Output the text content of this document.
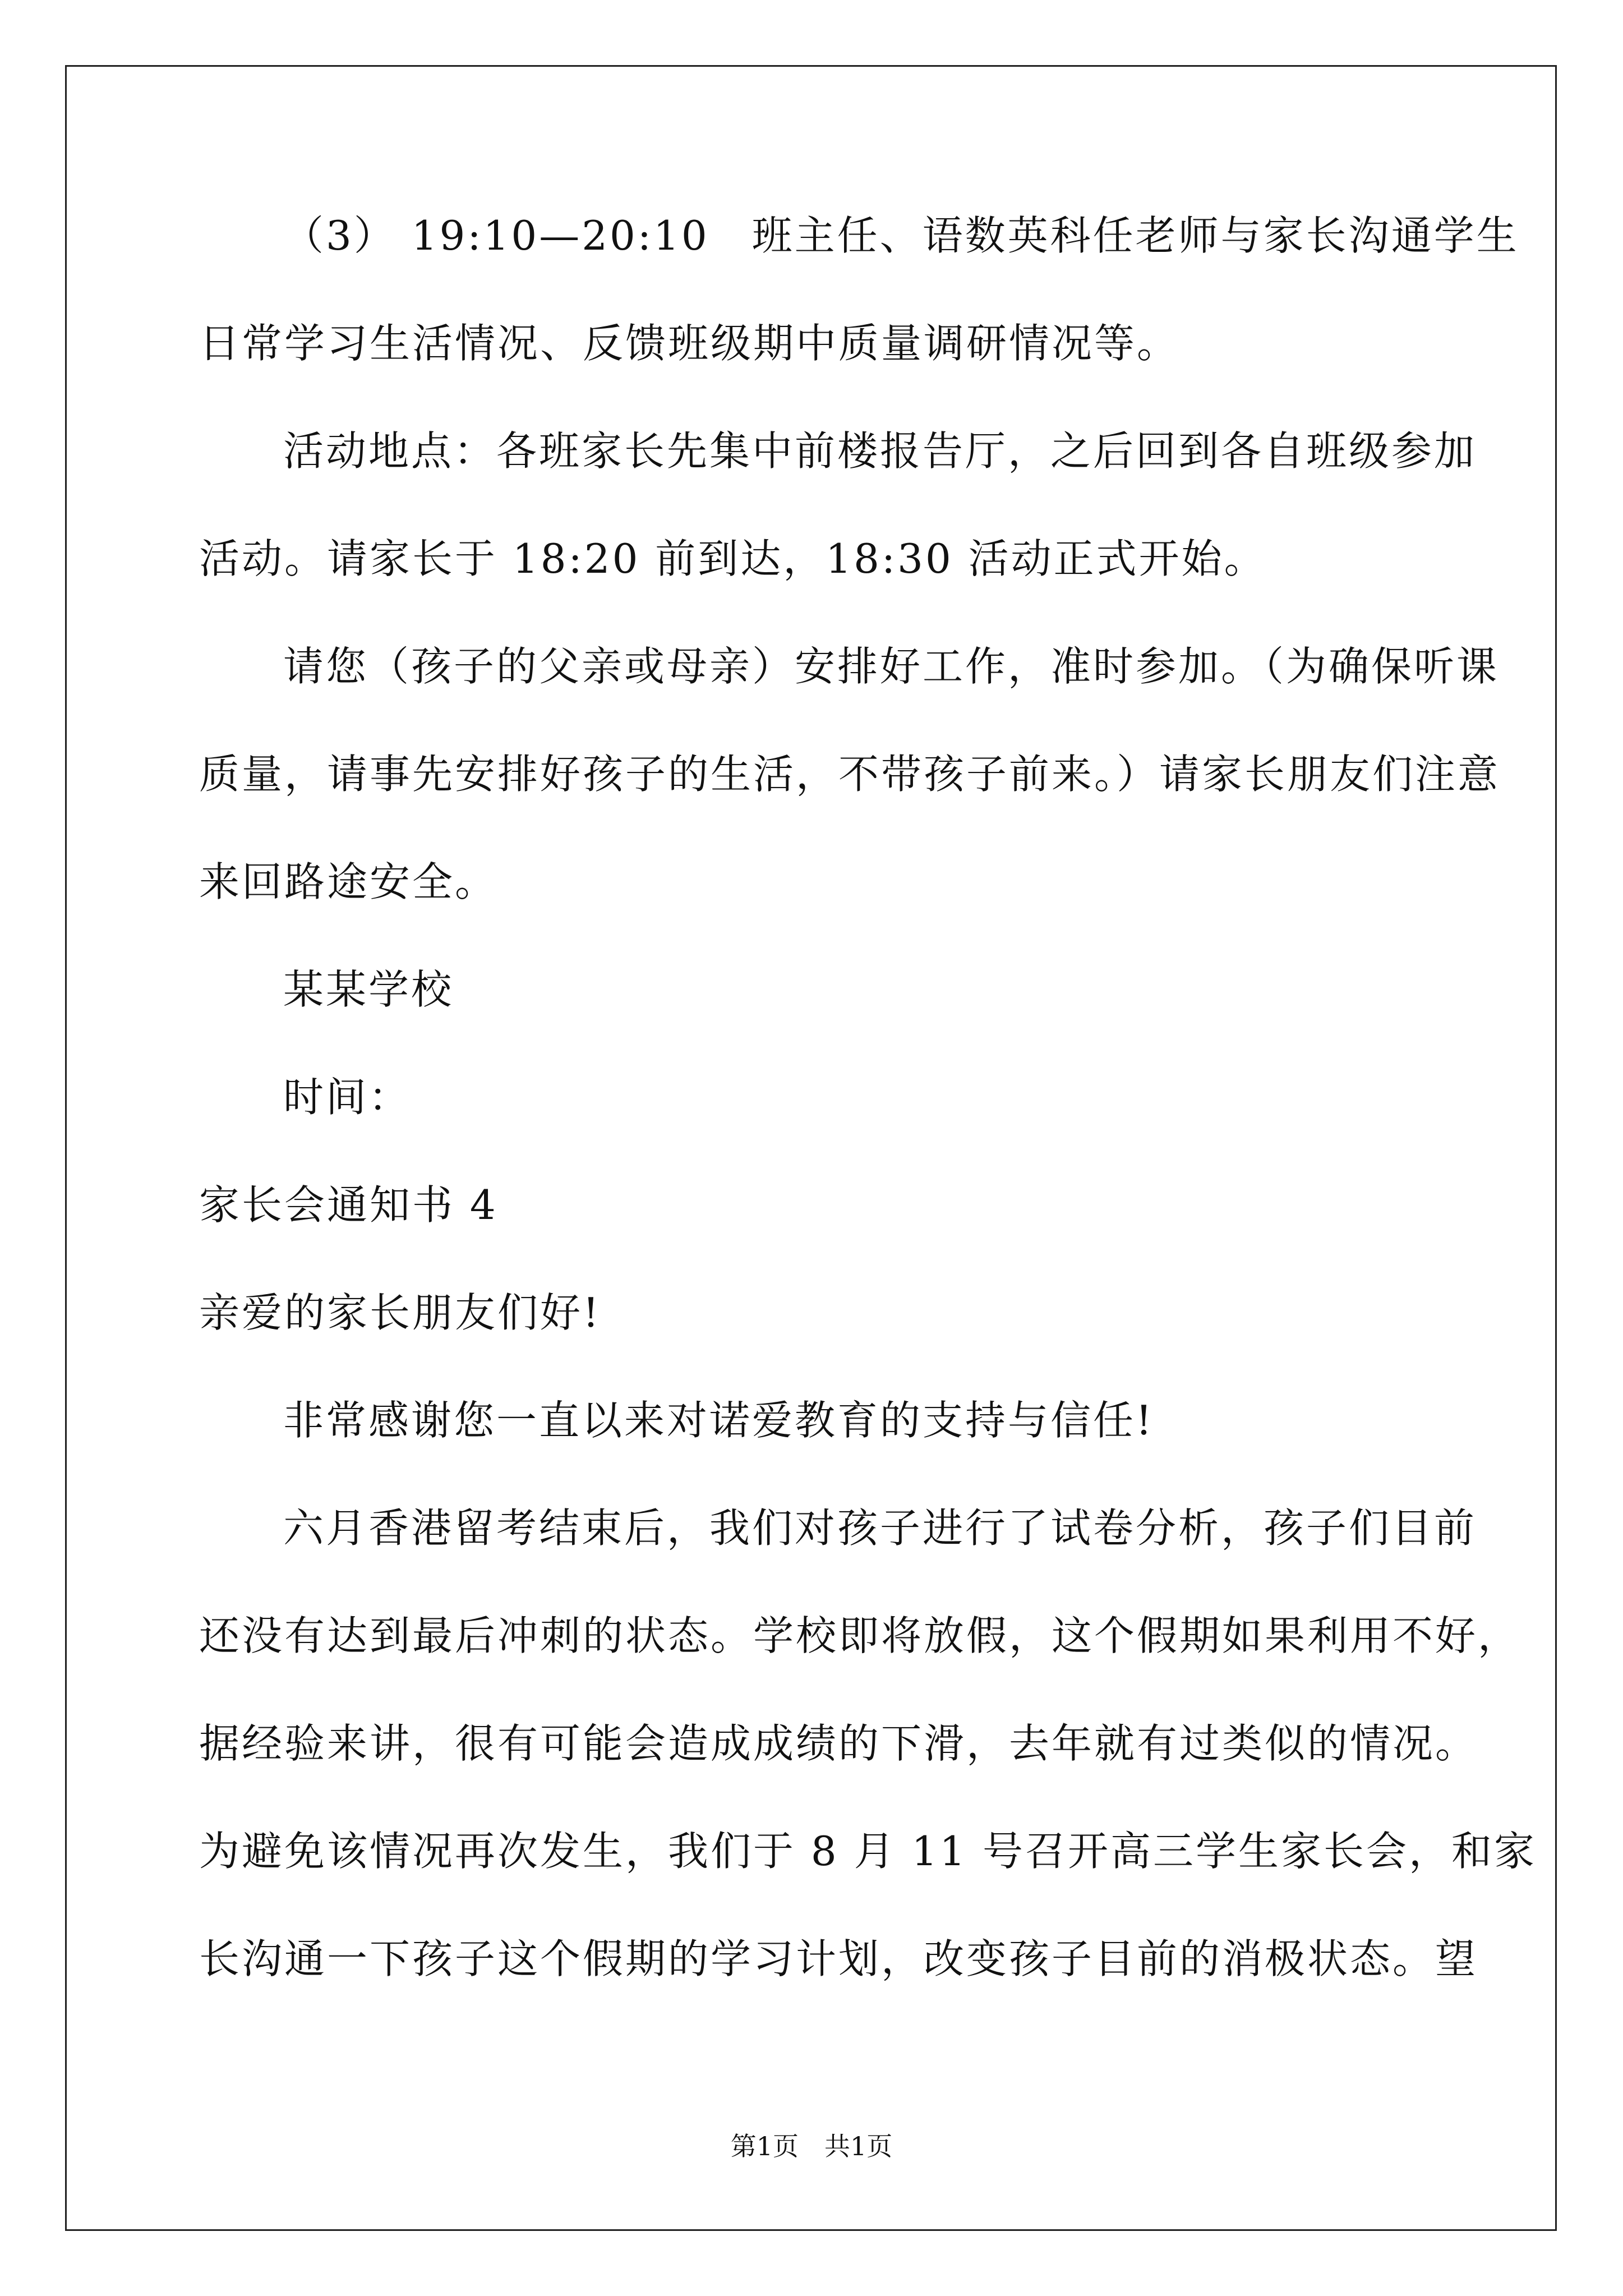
（3） 19:10—20:10　班主任、语数英科任老师与家长沟通学生
日常学习生活情况、反馈班级期中质量调研情况等。
活动地点：各班家长先集中前楼报告厅，之后回到各自班级参加
活动。请家长于 18:20 前到达，18:30 活动正式开始。
请您（孩子的父亲或母亲）安排好工作，准时参加。（为确保听课
质量，请事先安排好孩子的生活，不带孩子前来。）请家长朋友们注意
来回路途安全。
某某学校
时间：
家长会通知书 4
亲爱的家长朋友们好!
非常感谢您一直以来对诺爱教育的支持与信任!
六月香港留考结束后，我们对孩子进行了试卷分析，孩子们目前
还没有达到最后冲刺的状态。学校即将放假，这个假期如果利用不好，
据经验来讲，很有可能会造成成绩的下滑，去年就有过类似的情况。
为避免该情况再次发生，我们于 8 月 11 号召开高三学生家长会，和家
长沟通一下孩子这个假期的学习计划，改变孩子目前的消极状态。望
第1页　共1页
